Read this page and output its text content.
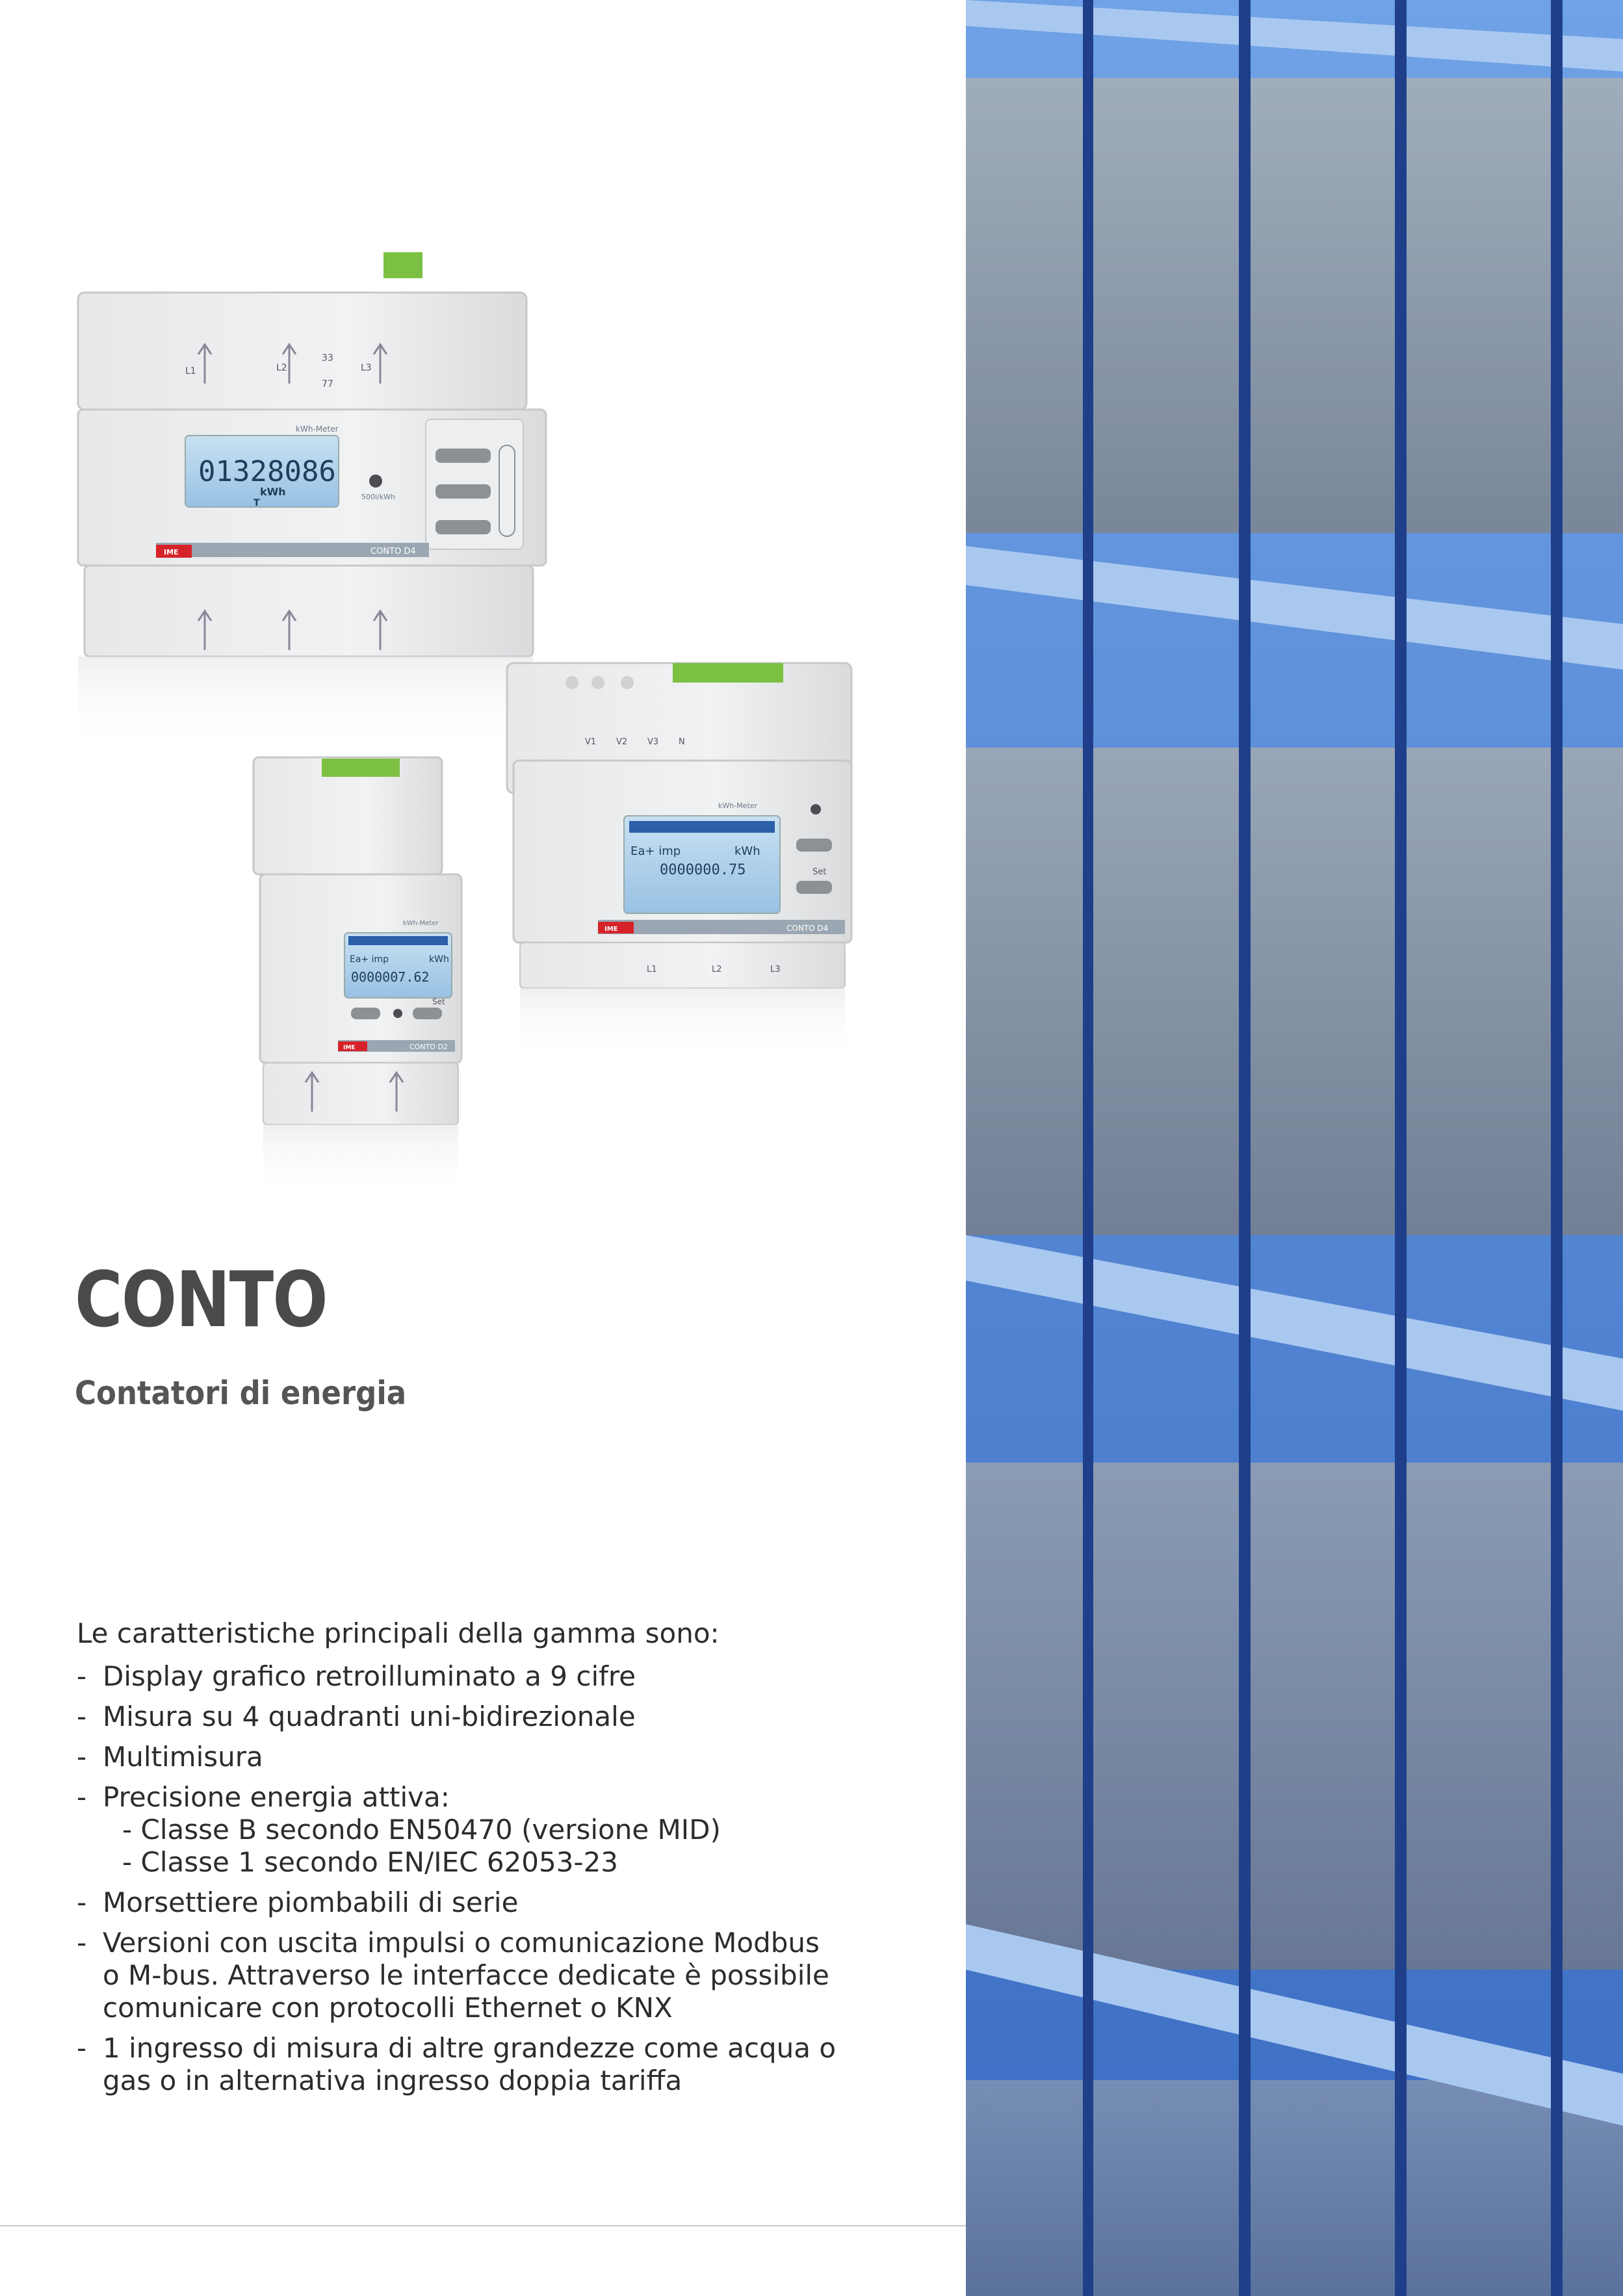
01328086
kWh
T
kWh-Meter
500i/kWh
CONTO D4
IME
L1	L2	L3
33
77
V1 V2 V3 N
Ea+ imp	kWh
0000000.75
kWh-Meter
Set
IME	CONTO D4
L1	L2	L3
Ea+ imp	kWh
0000007.62
kWh-Meter
Set
IME	CONTO D2
CONTO
Contatori di energia

Le caratteristiche principali della gamma sono:

- Display grafico retroilluminato a 9 cifre
- Misura su 4 quadranti uni-bidirezionale
- Multimisura
- Precisione energia attiva:
- Classe B secondo EN50470 (versione MID)
- Classe 1 secondo EN/IEC 62053-23
- Morsettiere piombabili di serie
- Versioni con uscita impulsi o comunicazione Modbus
o M-bus. Attraverso le interfacce dedicate è possibile
comunicare con protocolli Ethernet o KNX
- 1 ingresso di misura di altre grandezze come acqua o
gas o in alternativa ingresso doppia tariffa
